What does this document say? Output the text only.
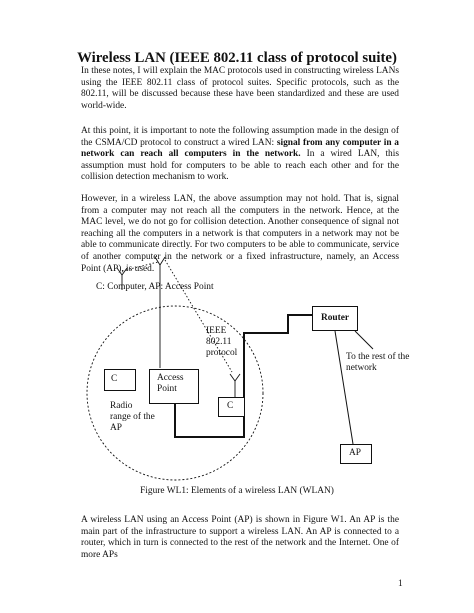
Wireless LAN (IEEE 802.11 class of protocol suite)

In these notes, I will explain the MAC protocols used in constructing wireless LANs using the IEEE 802.11 class of protocol suites. Specific protocols, such as the 802.11, will be discussed because these have been standardized and these are used world-wide.

At this point, it is important to note the following assumption made in the design of the CSMA/CD protocol to construct a wired LAN: signal from any computer in a network can reach all computers in the network. In a wired LAN, this assumption must hold for computers to be able to reach each other and for the collision detection mechanism to work.

However, in a wireless LAN, the above assumption may not hold. That is, signal from a computer may not reach all the computers in the network. Hence, at the MAC level, we do not go for collision detection. Another consequence of signal not reaching all the computers in a network is that computers in a network may not be able to communicate directly. For two computers to be able to communicate, service of another computer in the network or a fixed infrastructure, namely, an Access Point (AP), is used.

C: Computer, AP: Access Point
Router
IEEE
802.11
protocol	To the rest of the
network
C	Access
Point
C
Radio
range of the
AP
AP
Figure WL1: Elements of a wireless LAN (WLAN)

A wireless LAN using an Access Point (AP) is shown in Figure W1. An AP is the main part of the infrastructure to support a wireless LAN. An AP is connected to a router, which in turn is connected to the rest of the network and the Internet. One of more APs

1
